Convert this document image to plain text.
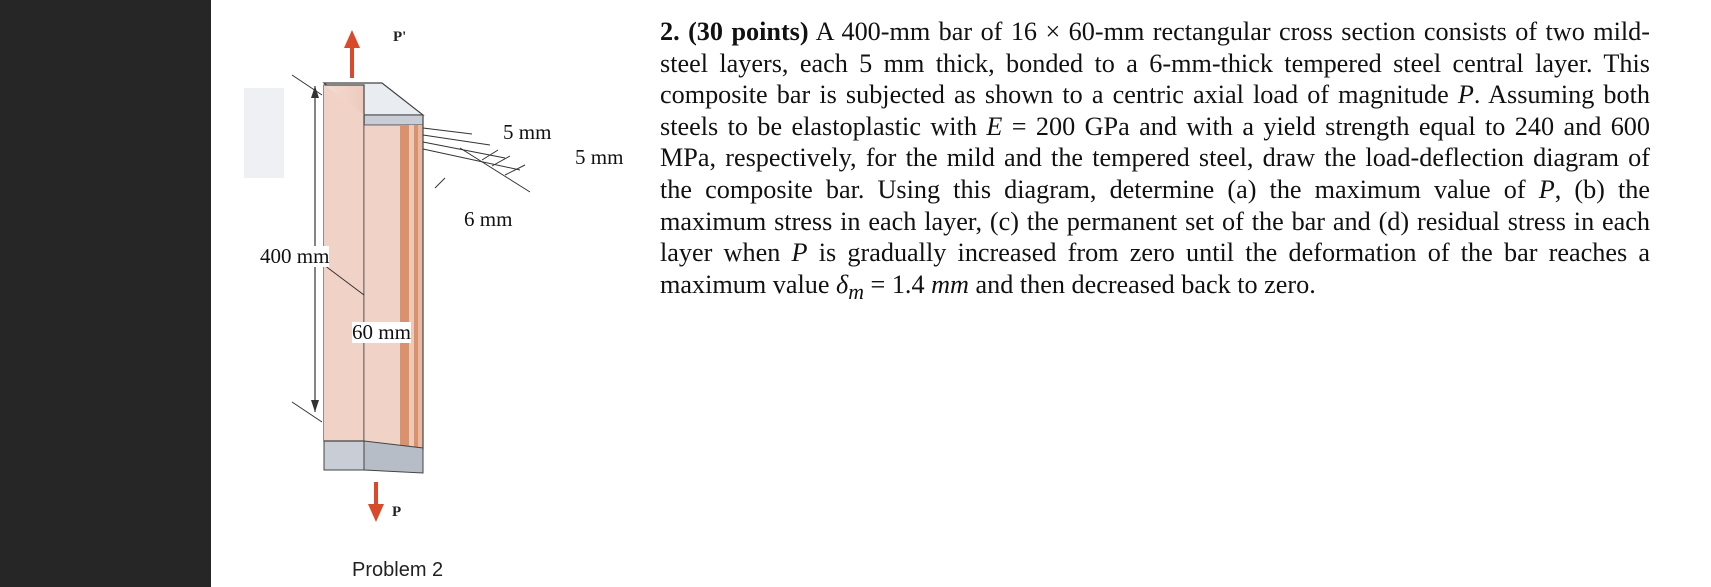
P'
P
5 mm
5 mm
6 mm
400 mm
60 mm
Problem 2
2. (30 points) A 400-mm bar of 16 × 60-mm rectangular cross section consists of two mild-steel layers, each 5 mm thick, bonded to a 6-mm-thick tempered steel central layer. This composite bar is subjected as shown to a centric axial load of magnitude P. Assuming both steels to be elastoplastic with E = 200 GPa and with a yield strength equal to 240 and 600 MPa, respectively, for the mild and the tempered steel, draw the load-deflection diagram of the composite bar. Using this diagram, determine (a) the maximum value of P, (b) the maximum stress in each layer, (c) the permanent set of the bar and (d) residual stress in each layer when P is gradually increased from zero until the deformation of the bar reaches a maximum value $\delta_m = 1.4$ mm and then decreased back to zero.
